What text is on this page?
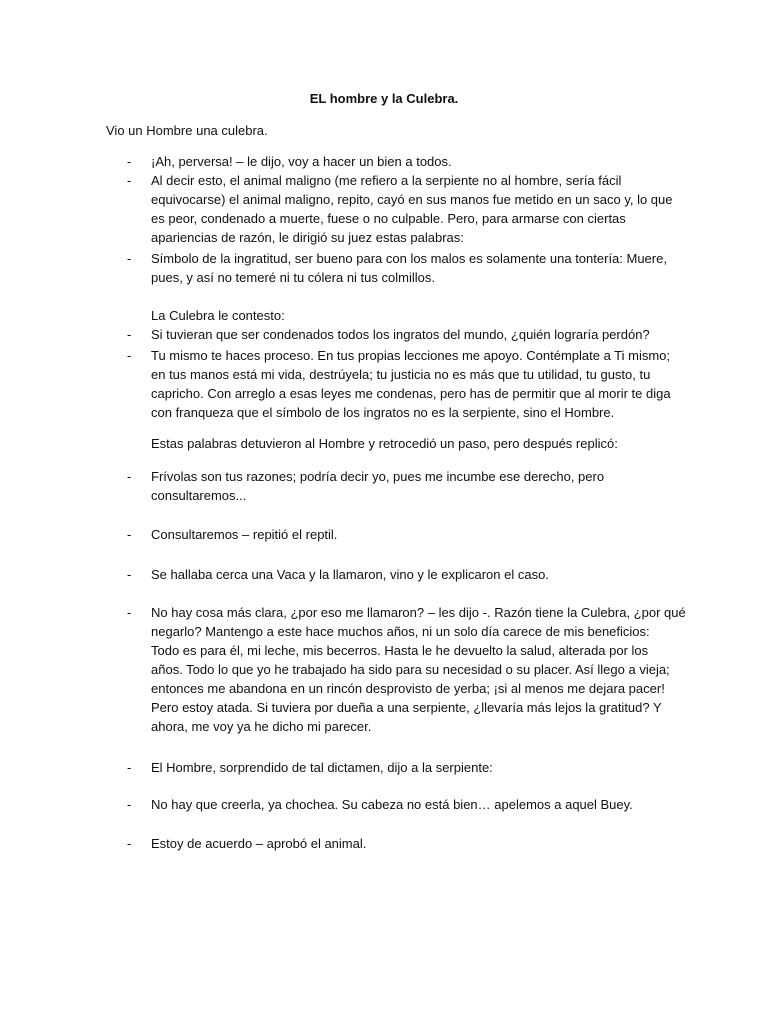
EL hombre y la Culebra.
Vio un Hombre una culebra.
- ¡Ah, perversa! – le dijo, voy a hacer un bien a todos.
- Al decir esto, el animal maligno (me refiero a la serpiente no al hombre, sería fácil
equivocarse) el animal maligno, repito, cayó en sus manos fue metido en un saco y, lo que
es peor, condenado a muerte, fuese o no culpable. Pero, para armarse con ciertas
apariencias de razón, le dirigió su juez estas palabras:
- Símbolo de la ingratitud, ser bueno para con los malos es solamente una tontería: Muere,
pues, y así no temeré ni tu cólera ni tus colmillos.
La Culebra le contesto:
- Si tuvieran que ser condenados todos los ingratos del mundo, ¿quién lograría perdón?
- Tu mismo te haces proceso. En tus propias lecciones me apoyo. Contémplate a Ti mismo;
en tus manos está mi vida, destrúyela; tu justicia no es más que tu utilidad, tu gusto, tu
capricho. Con arreglo a esas leyes me condenas, pero has de permitir que al morir te diga
con franqueza que el símbolo de los ingratos no es la serpiente, sino el Hombre.
Estas palabras detuvieron al Hombre y retrocedió un paso, pero después replicó:
- Frívolas son tus razones; podría decir yo, pues me incumbe ese derecho, pero
consultaremos...
- Consultaremos – repitió el reptil.
- Se hallaba cerca una Vaca y la llamaron, vino y le explicaron el caso.
- No hay cosa más clara, ¿por eso me llamaron? – les dijo -. Razón tiene la Culebra, ¿por qué
negarlo? Mantengo a este hace muchos años, ni un solo día carece de mis beneficios:
Todo es para él, mi leche, mis becerros. Hasta le he devuelto la salud, alterada por los
años. Todo lo que yo he trabajado ha sido para su necesidad o su placer. Así llego a vieja;
entonces me abandona en un rincón desprovisto de yerba; ¡si al menos me dejara pacer!
Pero estoy atada. Si tuviera por dueña a una serpiente, ¿llevaría más lejos la gratitud? Y
ahora, me voy ya he dicho mi parecer.
- El Hombre, sorprendido de tal dictamen, dijo a la serpiente:
- No hay que creerla, ya chochea. Su cabeza no está bien… apelemos a aquel Buey.
- Estoy de acuerdo – aprobó el animal.
